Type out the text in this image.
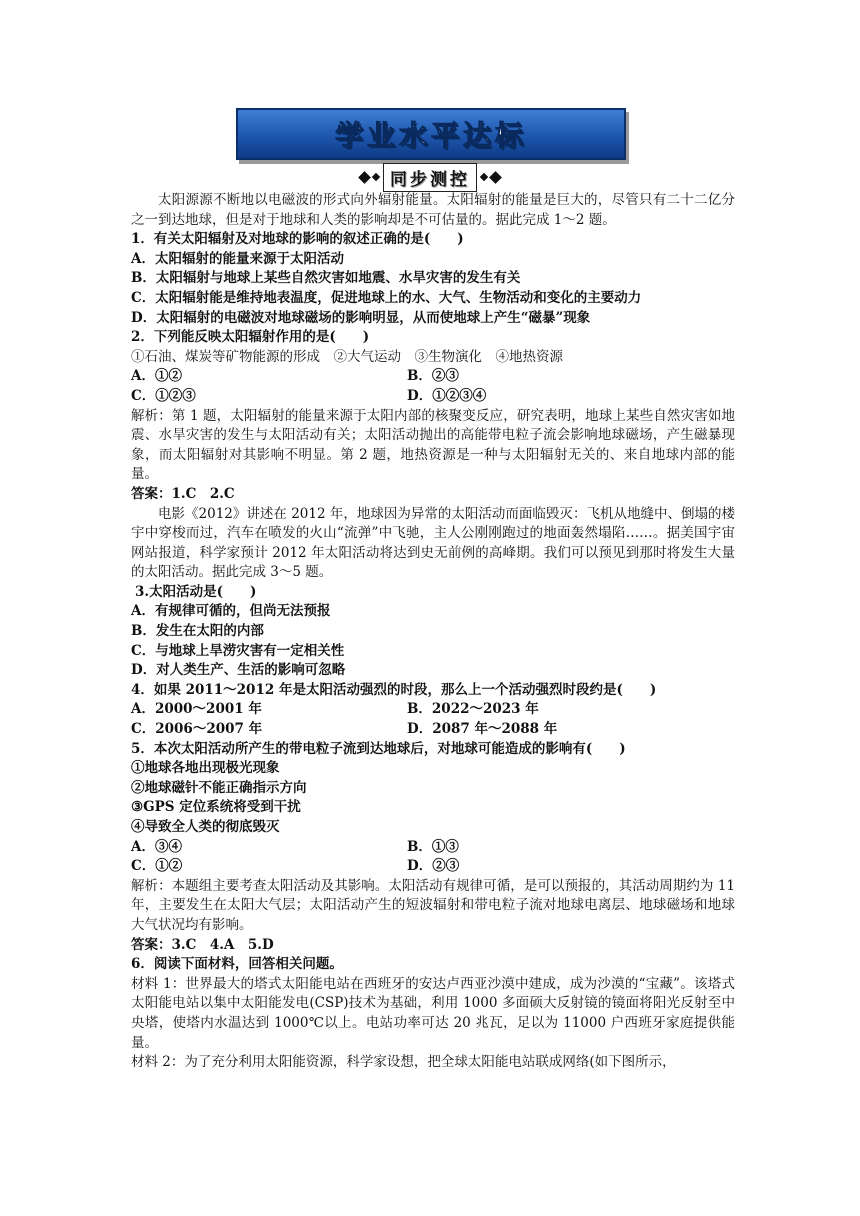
学业水平达标
同步测控

太阳源源不断地以电磁波的形式向外辐射能量。太阳辐射的能量是巨大的，尽管只有二十二亿分之一到达地球，但是对于地球和人类的影响却是不可估量的。据此完成 1～2 题。

1．有关太阳辐射及对地球的影响的叙述正确的是(　　)

A．太阳辐射的能量来源于太阳活动

B．太阳辐射与地球上某些自然灾害如地震、水旱灾害的发生有关

C．太阳辐射能是维持地表温度，促进地球上的水、大气、生物活动和变化的主要动力

D．太阳辐射的电磁波对地球磁场的影响明显，从而使地球上产生“磁暴”现象

2．下列能反映太阳辐射作用的是(　　)

①石油、煤炭等矿物能源的形成　②大气运动　③生物演化　④地热资源

A．①②	B．②③
C．①②③	D．①②③④

解析：第 1 题，太阳辐射的能量来源于太阳内部的核聚变反应，研究表明，地球上某些自然灾害如地震、水旱灾害的发生与太阳活动有关；太阳活动抛出的高能带电粒子流会影响地球磁场，产生磁暴现象，而太阳辐射对其影响不明显。第 2 题，地热资源是一种与太阳辐射无关的、来自地球内部的能量。

答案：1.C　2.C

电影《2012》讲述在 2012 年，地球因为异常的太阳活动而面临毁灭：飞机从地缝中、倒塌的楼宇中穿梭而过，汽车在喷发的火山“流弹”中飞驰，主人公刚刚跑过的地面轰然塌陷……。据美国宇宙网站报道，科学家预计 2012 年太阳活动将达到史无前例的高峰期。我们可以预见到那时将发生大量的太阳活动。据此完成 3～5 题。

3.太阳活动是(　　)

A．有规律可循的，但尚无法预报

B．发生在太阳的内部

C．与地球上旱涝灾害有一定相关性

D．对人类生产、生活的影响可忽略

4．如果 2011～2012 年是太阳活动强烈的时段，那么上一个活动强烈时段约是(　　)

A．2000～2001 年	B．2022～2023 年
C．2006～2007 年	D．2087 年～2088 年

5．本次太阳活动所产生的带电粒子流到达地球后，对地球可能造成的影响有(　　)

①地球各地出现极光现象

②地球磁针不能正确指示方向

③GPS 定位系统将受到干扰

④导致全人类的彻底毁灭

A．③④	B．①③
C．①②	D．②③

解析：本题组主要考查太阳活动及其影响。太阳活动有规律可循，是可以预报的，其活动周期约为 11 年，主要发生在太阳大气层；太阳活动产生的短波辐射和带电粒子流对地球电离层、地球磁场和地球大气状况均有影响。

答案：3.C　4.A　5.D

6．阅读下面材料，回答相关问题。

材料 1：世界最大的塔式太阳能电站在西班牙的安达卢西亚沙漠中建成，成为沙漠的“宝藏”。该塔式太阳能电站以集中太阳能发电(CSP)技术为基础，利用 1000 多面硕大反射镜的镜面将阳光反射至中央塔，使塔内水温达到 1000℃以上。电站功率可达 20 兆瓦，足以为 11000 户西班牙家庭提供能量。

材料 2：为了充分利用太阳能资源，科学家设想，把全球太阳能电站联成网络(如下图所示，
